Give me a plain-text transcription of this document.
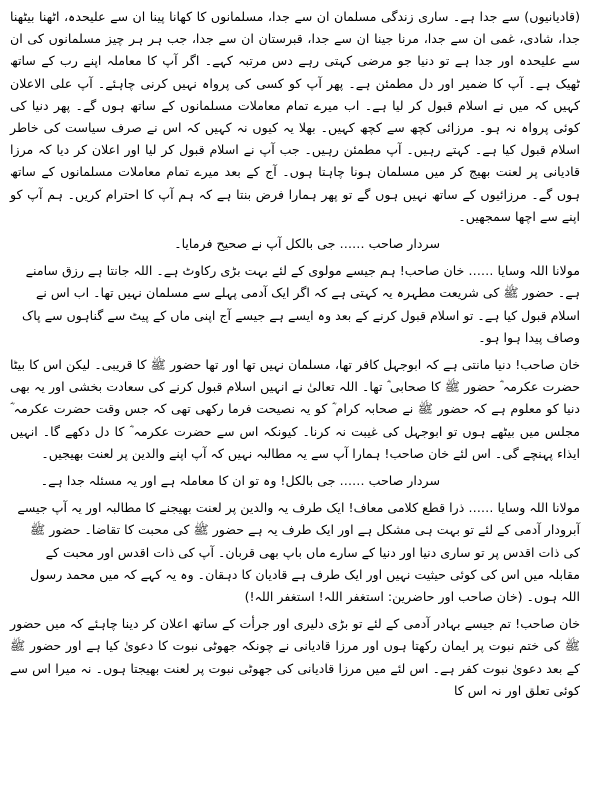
(قادیانیوں) سے جدا ہے۔ ساری زندگی مسلمان ان سے جدا، مسلمانوں کا کھانا پینا ان سے علیحدہ، اٹھنا بیٹھنا جدا، شادی، غمی ان سے جدا، مرنا جینا ان سے جدا، قبرستان ان سے جدا، جب ہر ہر چیز مسلمانوں کی ان سے علیحدہ اور جدا ہے تو دنیا جو مرضی کہتی رہے دس مرتبہ کہے۔ اگر آپ کا معاملہ اپنے رب کے ساتھ ٹھیک ہے۔ آپ کا ضمیر اور دل مطمئن ہے۔ پھر آپ کو کسی کی پرواہ نہیں کرنی چاہئے۔ آپ علی الاعلان کہیں کہ میں نے اسلام قبول کر لیا ہے۔ اب میرے تمام معاملات مسلمانوں کے ساتھ ہوں گے۔ پھر دنیا کی کوئی پرواہ نہ ہو۔ مرزائی کچھ سے کچھ کہیں۔ بھلا یہ کیوں نہ کہیں کہ اس نے صرف سیاست کی خاطر اسلام قبول کیا ہے۔ کہتے رہیں۔ آپ مطمئن رہیں۔ جب آپ نے اسلام قبول کر لیا اور اعلان کر دیا کہ مرزا قادیانی پر لعنت بھیج کر میں مسلمان ہونا چاہتا ہوں۔ آج کے بعد میرے تمام معاملات مسلمانوں کے ساتھ ہوں گے۔ مرزائیوں کے ساتھ نہیں ہوں گے تو پھر ہمارا فرض بنتا ہے کہ ہم آپ کا احترام کریں۔ ہم آپ کو اپنے سے اچھا سمجھیں۔

سردار صاحب……جی بالکل آپ نے صحیح فرمایا۔

مولانا اللہ وسایا……خان صاحب! ہم جیسے مولوی کے لئے بہت بڑی رکاوٹ ہے۔ اللہ جانتا ہے رزق سامنے ہے۔ حضور ﷺ کی شریعت مطہرہ یہ کہتی ہے کہ اگر ایک آدمی پہلے سے مسلمان نہیں تھا۔ اب اس نے اسلام قبول کیا ہے۔ تو اسلام قبول کرنے کے بعد وہ ایسے ہے جیسے آج اپنی ماں کے پیٹ سے گناہوں سے پاک وصاف پیدا ہوا ہو۔

خان صاحب! دنیا مانتی ہے کہ ابوجہل کافر تھا، مسلمان نہیں تھا اور تھا حضور ﷺ کا قریبی۔ لیکن اس کا بیٹا حضرت عکرمہ ؓ حضور ﷺ کا صحابی ؓ تھا۔ اللہ تعالیٰ نے انہیں اسلام قبول کرنے کی سعادت بخشی اور یہ بھی دنیا کو معلوم ہے کہ حضور ﷺ نے صحابہ کرام ؓ کو یہ نصیحت فرما رکھی تھی کہ جس وقت حضرت عکرمہ ؓ مجلس میں بیٹھے ہوں تو ابوجہل کی غیبت نہ کرنا۔ کیونکہ اس سے حضرت عکرمہ ؓ کا دل دکھے گا۔ انہیں ایذاء پہنچے گی۔ اس لئے خان صاحب! ہمارا آپ سے یہ مطالبہ نہیں کہ آپ اپنے والدین پر لعنت بھیجیں۔

سردار صاحب……جی بالکل! وہ تو ان کا معاملہ ہے اور یہ مسئلہ جدا ہے۔

مولانا اللہ وسایا……ذرا قطع کلامی معاف! ایک طرف یہ والدین پر لعنت بھیجنے کا مطالبہ اور یہ آپ جیسے آبرودار آدمی کے لئے تو بہت ہی مشکل ہے اور ایک طرف یہ ہے حضور ﷺ کی محبت کا تقاضا۔ حضور ﷺ کی ذات اقدس پر تو ساری دنیا اور دنیا کے سارے ماں باپ بھی قربان۔ آپ کی ذات اقدس اور محبت کے مقابلہ میں اس کی کوئی حیثیت نہیں اور ایک طرف ہے قادیان کا دہقان۔ وہ یہ کہے کہ میں محمد رسول اللہ ہوں۔ (خان صاحب اور حاضرین: استغفر اللہ! استغفر اللہ!)

خان صاحب! تم جیسے بہادر آدمی کے لئے تو بڑی دلیری اور جرأت کے ساتھ اعلان کر دینا چاہئے کہ میں حضور ﷺ کی ختم نبوت پر ایمان رکھتا ہوں اور مرزا قادیانی نے چونکہ جھوٹی نبوت کا دعویٰ کیا ہے اور حضور ﷺ کے بعد دعویٰ نبوت کفر ہے۔ اس لئے میں مرزا قادیانی کی جھوٹی نبوت پر لعنت بھیجتا ہوں۔ نہ میرا اس سے کوئی تعلق اور نہ اس کا
